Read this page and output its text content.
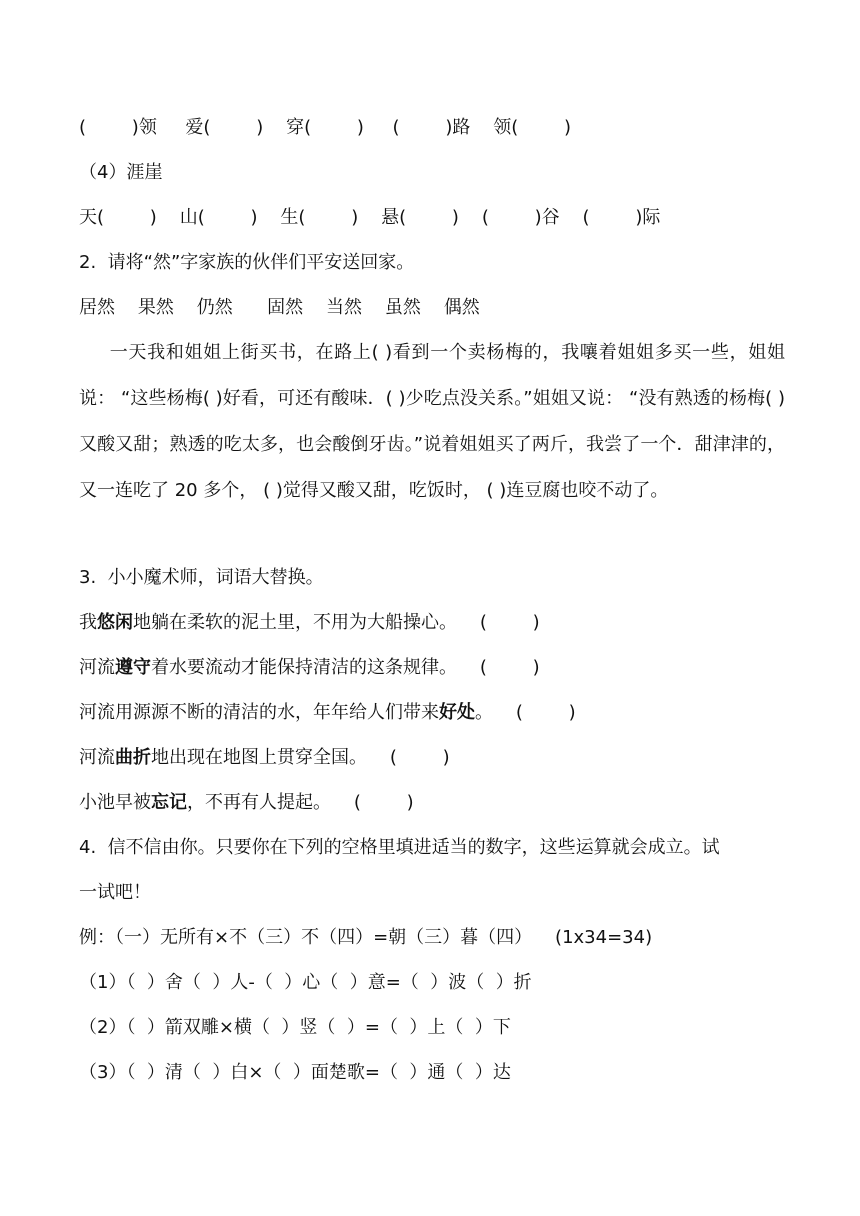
(        )领     爱(        )    穿(        )     (        )路    领(        )
（4）涯崖
天(        )    山(        )    生(        )    悬(        )    (        )谷    (        )际
2.  请将“然”字家族的伙伴们平安送回家。
居然    果然    仍然      固然    当然    虽然    偶然
一天我和姐姐上街买书，在路上( )看到一个卖杨梅的，我嚷着姐姐多买一些，姐姐说： “这些杨梅( )好看，可还有酸味．( )少吃点没关系。”姐姐又说： “没有熟透的杨梅( )又酸又甜；熟透的吃太多，也会酸倒牙齿。”说着姐姐买了两斤，我尝了一个．甜津津的，又一连吃了 20 多个， ( )觉得又酸又甜，吃饭时， ( )连豆腐也咬不动了。
3.  小小魔术师，词语大替换。
我悠闲地躺在柔软的泥土里，不用为大船操心。    (        )
河流遵守着水要流动才能保持清洁的这条规律。    (        )
河流用源源不断的清洁的水，年年给人们带来好处。    (        )
河流曲折地出现在地图上贯穿全国。    (        )
小池早被忘记，不再有人提起。    (        )
4.  信不信由你。只要你在下列的空格里填进适当的数字，这些运算就会成立。试
一试吧！
例：（一）无所有×不（三）不（四）=朝（三）暮（四）    (1x34=34)
（1）（  ）舍（  ）人-（  ）心（  ）意=（  ）波（  ）折
（2）（  ）箭双雕×横（  ）竖（  ）=（  ）上（  ）下
（3）（  ）清（  ）白×（  ）面楚歌=（  ）通（  ）达
